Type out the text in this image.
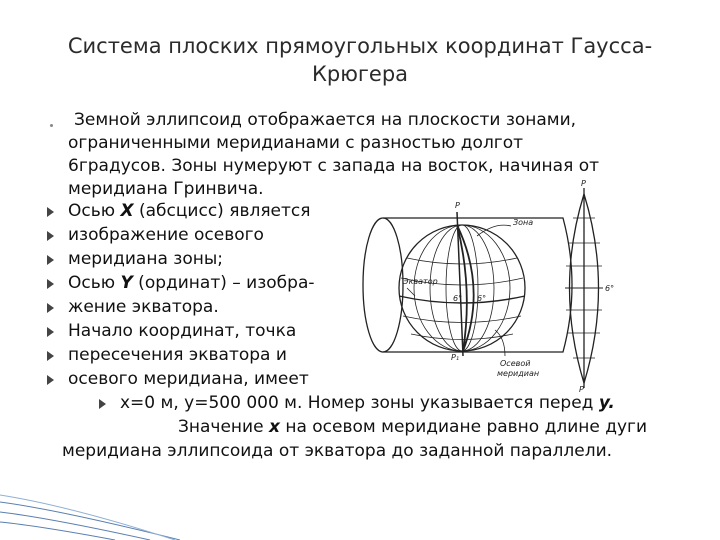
Система плоских прямоугольных координат Гаусса-
Крюгера
Земной эллипсоид отображается на плоскости зонами,
ограниченными меридианами с разностью долгот
6градусов. Зоны нумеруют с запада на восток, начиная от
меридиана Гринвича.
Осью X (абсцисс) является
изображение осевого
меридиана зоны;
Осью Y (ординат) – изобра-
жение экватора.
Начало координат, точка
пересечения экватора и
осевого меридиана, имеет
x=0 м, y=500 000 м. Номер зоны указывается перед y.
Значение x на осевом меридиане равно длине дуги
меридиана эллипсоида от экватора до заданной параллели.
P
P
Зона
Экватор
6° 6°
6°
P₁
Осевой
меридиан
P
